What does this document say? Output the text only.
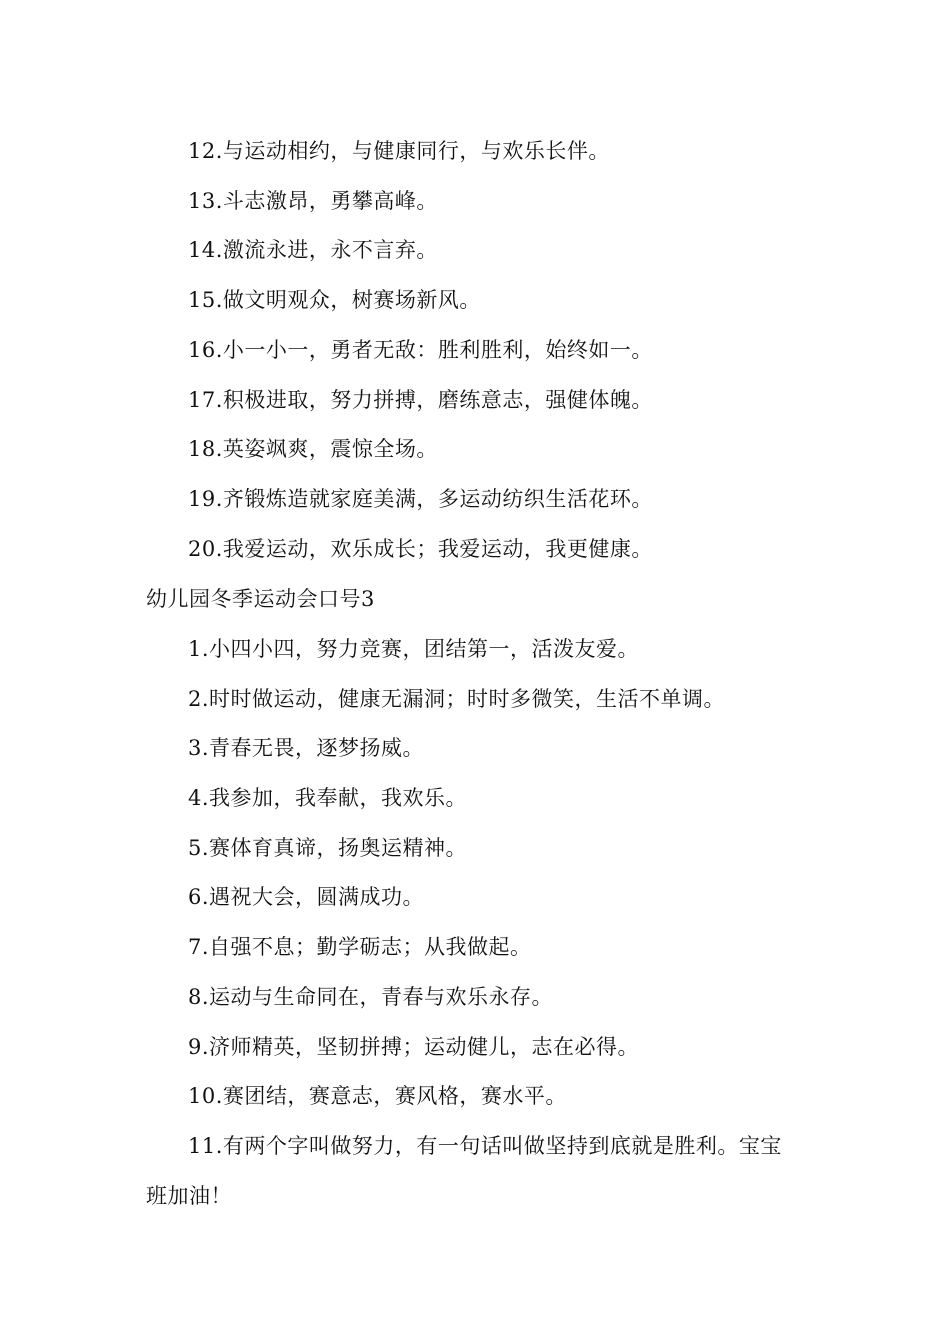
12.与运动相约，与健康同行，与欢乐长伴。
13.斗志激昂，勇攀高峰。
14.激流永进，永不言弃。
15.做文明观众，树赛场新风。
16.小一小一，勇者无敌：胜利胜利，始终如一。
17.积极进取，努力拼搏，磨练意志，强健体魄。
18.英姿飒爽，震惊全场。
19.齐锻炼造就家庭美满，多运动纺织生活花环。
20.我爱运动，欢乐成长；我爱运动，我更健康。
幼儿园冬季运动会口号3
1.小四小四，努力竞赛，团结第一，活泼友爱。
2.时时做运动，健康无漏洞；时时多微笑，生活不单调。
3.青春无畏，逐梦扬威。
4.我参加，我奉献，我欢乐。
5.赛体育真谛，扬奥运精神。
6.遇祝大会，圆满成功。
7.自强不息；勤学砺志；从我做起。
8.运动与生命同在，青春与欢乐永存。
9.济师精英，坚韧拼搏；运动健儿，志在必得。
10.赛团结，赛意志，赛风格，赛水平。
11.有两个字叫做努力，有一句话叫做坚持到底就是胜利。宝宝
班加油！
